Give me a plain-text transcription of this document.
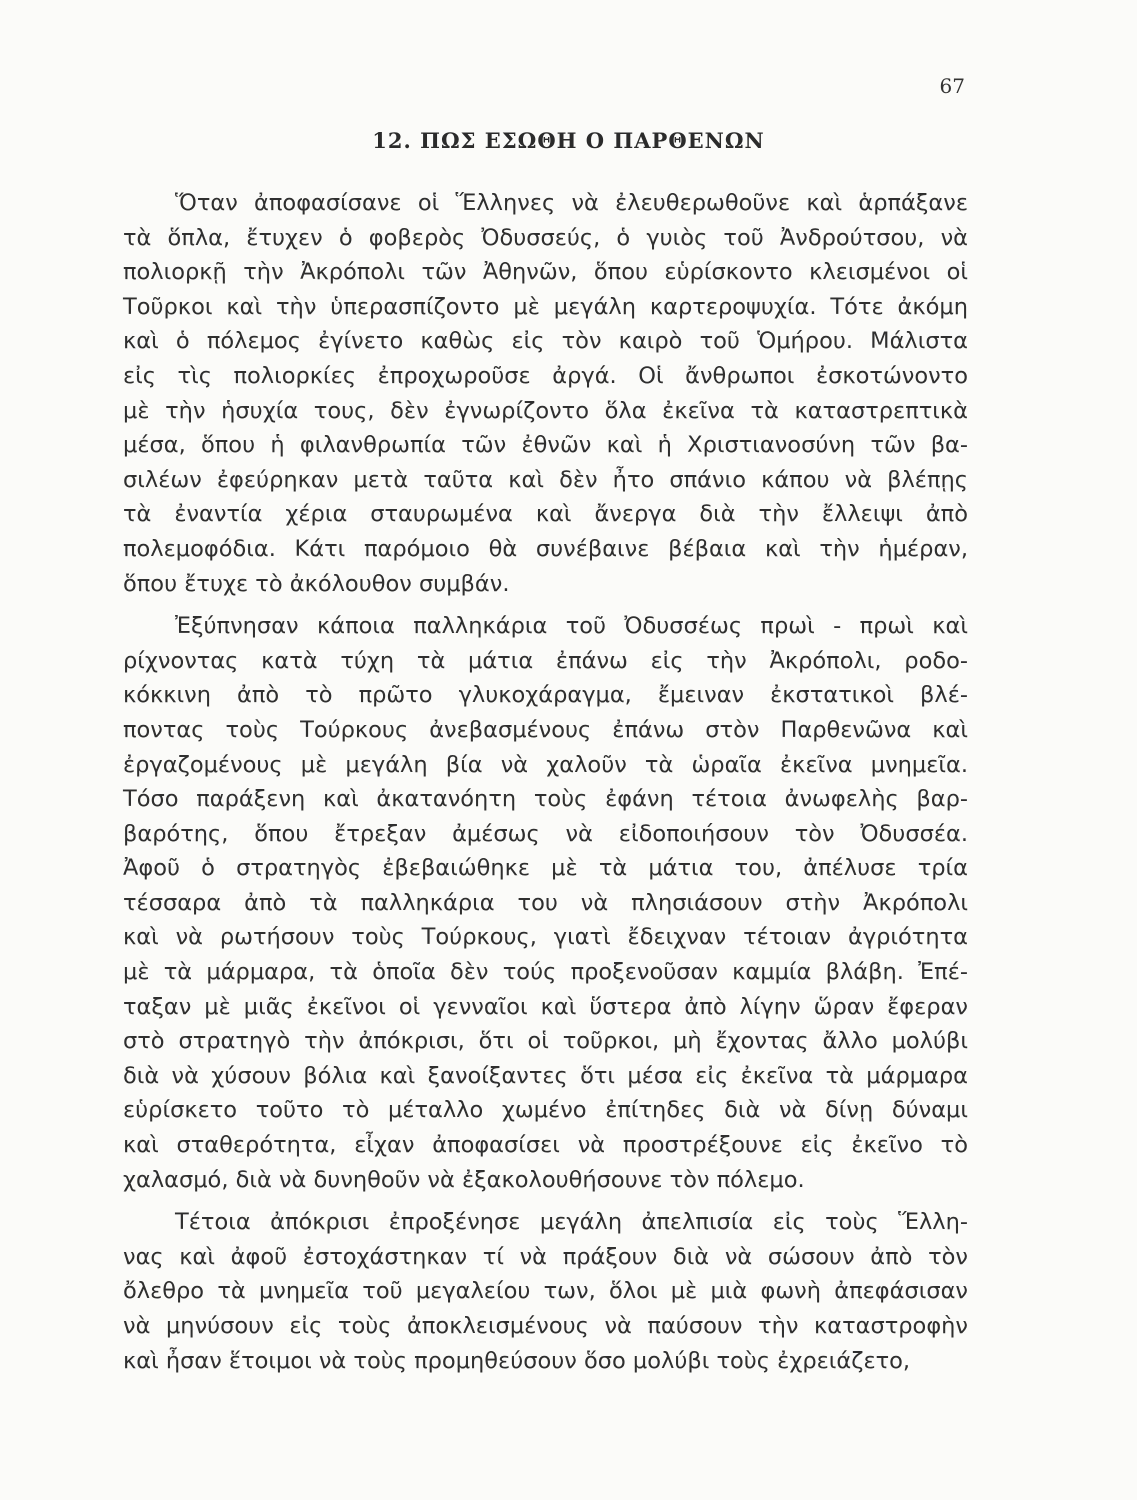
67
12. ΠΩΣ ΕΣΩΘΗ Ο ΠΑΡΘΕΝΩΝ
Ὅταν ἀποφασίσανε οἱ Ἕλληνες νὰ ἐλευθερωθοῦνε καὶ ἁρπάξανε
τὰ ὅπλα, ἔτυχεν ὁ φοβερὸς Ὀδυσσεύς, ὁ γυιὸς τοῦ Ἀνδρούτσου, νὰ
πολιορκῇ τὴν Ἀκρόπολι τῶν Ἀθηνῶν, ὅπου εὑρίσκοντο κλεισμένοι οἱ
Τοῦρκοι καὶ τὴν ὑπερασπίζοντο μὲ μεγάλη καρτεροψυχία. Τότε ἀκόμη
καὶ ὁ πόλεμος ἐγίνετο καθὼς εἰς τὸν καιρὸ τοῦ Ὁμήρου. Μάλιστα
εἰς τὶς πολιορκίες ἐπροχωροῦσε ἀργά. Οἱ ἄνθρωποι ἐσκοτώνοντο
μὲ τὴν ἡσυχία τους, δὲν ἐγνωρίζοντο ὅλα ἐκεῖνα τὰ καταστρεπτικὰ
μέσα, ὅπου ἡ φιλανθρωπία τῶν ἐθνῶν καὶ ἡ Χριστιανοσύνη τῶν βα-
σιλέων ἐφεύρηκαν μετὰ ταῦτα καὶ δὲν ἦτο σπάνιο κάπου νὰ βλέπῃς
τὰ ἐναντία χέρια σταυρωμένα καὶ ἄνεργα διὰ τὴν ἔλλειψι ἀπὸ
πολεμοφόδια. Κάτι παρόμοιο θὰ συνέβαινε βέβαια καὶ τὴν ἡμέραν,
ὅπου ἔτυχε τὸ ἀκόλουθον συμβάν.
Ἐξύπνησαν κάποια παλληκάρια τοῦ Ὀδυσσέως πρωὶ - πρωὶ καὶ
ρίχνοντας κατὰ τύχη τὰ μάτια ἐπάνω εἰς τὴν Ἀκρόπολι, ροδο-
κόκκινη ἀπὸ τὸ πρῶτο γλυκοχάραγμα, ἔμειναν ἐκστατικοὶ βλέ-
ποντας τοὺς Τούρκους ἀνεβασμένους ἐπάνω στὸν Παρθενῶνα καὶ
ἐργαζομένους μὲ μεγάλη βία νὰ χαλοῦν τὰ ὡραῖα ἐκεῖνα μνημεῖα.
Τόσο παράξενη καὶ ἀκατανόητη τοὺς ἐφάνη τέτοια ἀνωφελὴς βαρ-
βαρότης, ὅπου ἔτρεξαν ἀμέσως νὰ εἰδοποιήσουν τὸν Ὀδυσσέα.
Ἀφοῦ ὁ στρατηγὸς ἐβεβαιώθηκε μὲ τὰ μάτια του, ἀπέλυσε τρία
τέσσαρα ἀπὸ τὰ παλληκάρια του νὰ πλησιάσουν στὴν Ἀκρόπολι
καὶ νὰ ρωτήσουν τοὺς Τούρκους, γιατὶ ἔδειχναν τέτοιαν ἀγριότητα
μὲ τὰ μάρμαρα, τὰ ὁποῖα δὲν τούς προξενοῦσαν καμμία βλάβη. Ἐπέ-
ταξαν μὲ μιᾶς ἐκεῖνοι οἱ γενναῖοι καὶ ὕστερα ἀπὸ λίγην ὥραν ἔφεραν
στὸ στρατηγὸ τὴν ἀπόκρισι, ὅτι οἱ τοῦρκοι, μὴ ἔχοντας ἄλλο μολύβι
διὰ νὰ χύσουν βόλια καὶ ξανοίξαντες ὅτι μέσα εἰς ἐκεῖνα τὰ μάρμαρα
εὑρίσκετο τοῦτο τὸ μέταλλο χωμένο ἐπίτηδες διὰ νὰ δίνῃ δύναμι
καὶ σταθερότητα, εἶχαν ἀποφασίσει νὰ προστρέξουνε εἰς ἐκεῖνο τὸ
χαλασμό, διὰ νὰ δυνηθοῦν νὰ ἐξακολουθήσουνε τὸν πόλεμο.
Τέτοια ἀπόκρισι ἐπροξένησε μεγάλη ἀπελπισία εἰς τοὺς Ἕλλη-
νας καὶ ἀφοῦ ἐστοχάστηκαν τί νὰ πράξουν διὰ νὰ σώσουν ἀπὸ τὸν
ὄλεθρο τὰ μνημεῖα τοῦ μεγαλείου των, ὅλοι μὲ μιὰ φωνὴ ἀπεφάσισαν
νὰ μηνύσουν εἰς τοὺς ἀποκλεισμένους νὰ παύσουν τὴν καταστροφὴν
καὶ ἦσαν ἕτοιμοι νὰ τοὺς προμηθεύσουν ὅσο μολύβι τοὺς ἐχρειάζετο,
